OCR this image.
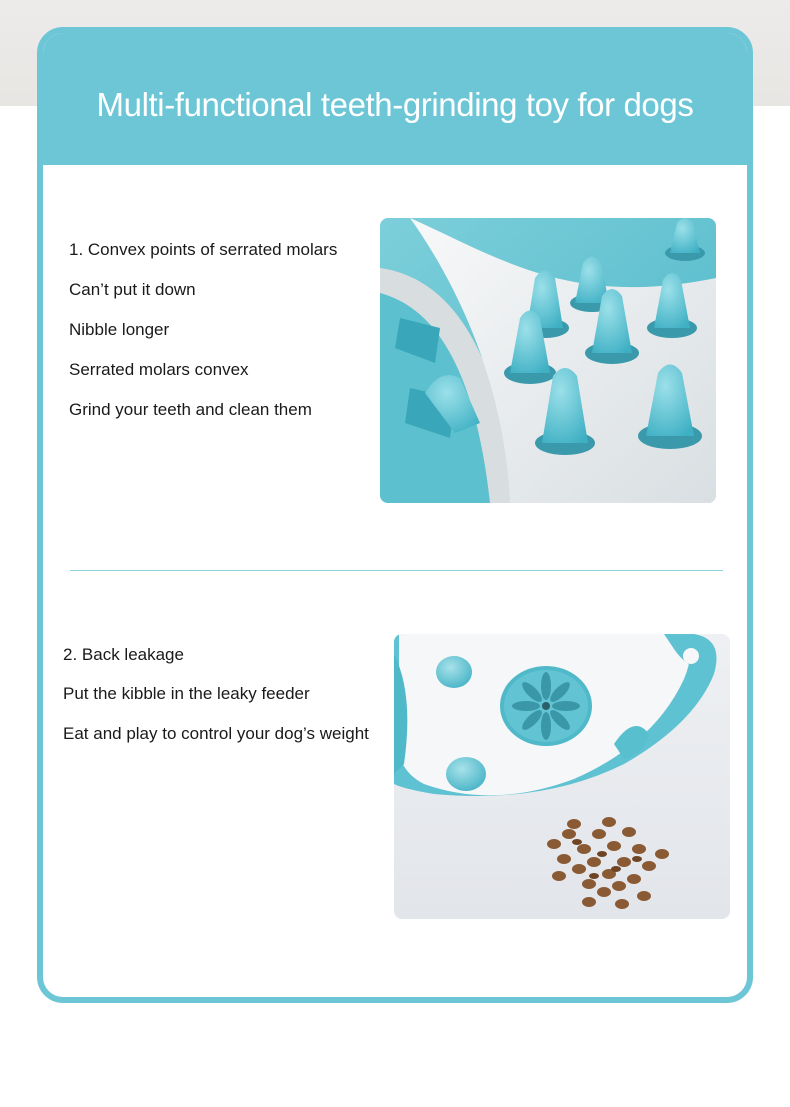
Multi-functional teeth-grinding toy for dogs

1. Convex points of serrated molars

Can’t put it down

Nibble longer

Serrated molars convex

Grind your teeth and clean them

2. Back leakage

Put the kibble in the leaky feeder

Eat and play to control your dog’s weight
